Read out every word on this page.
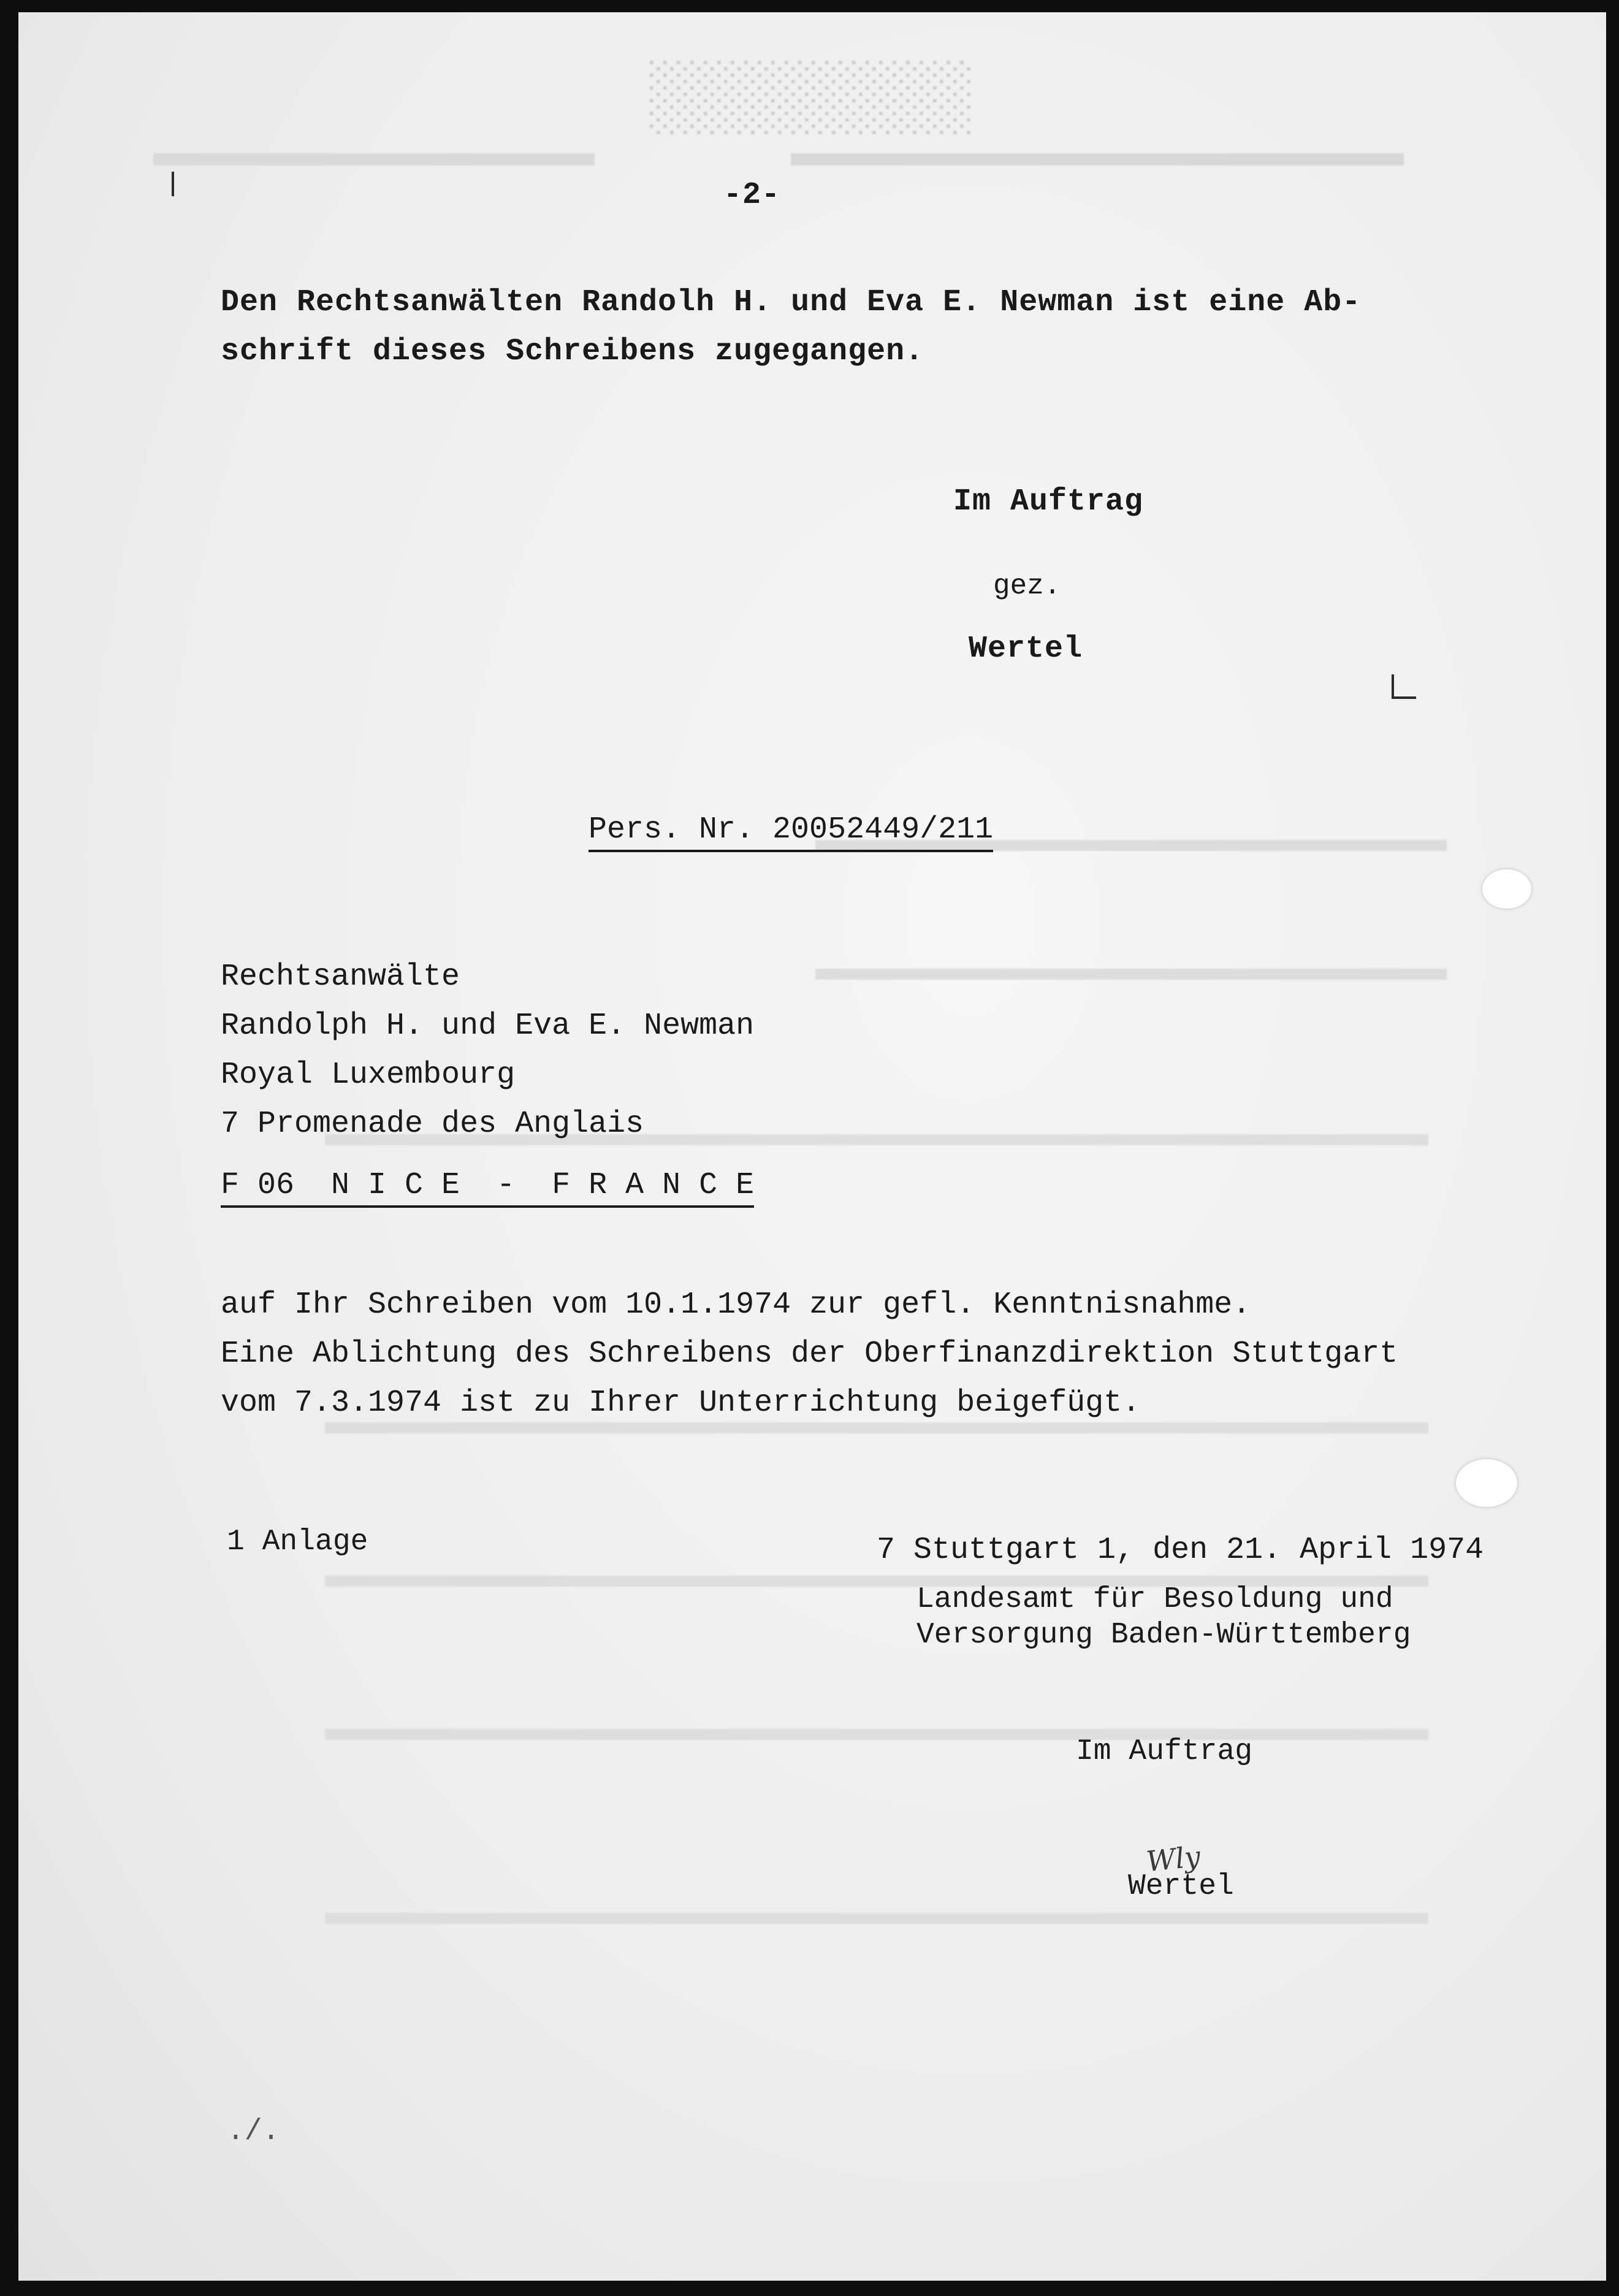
░░░░░░░░
-2-
Den Rechtsanwälten Randolh H. und Eva E. Newman ist eine Ab-
schrift dieses Schreibens zugegangen.
Im Auftrag
gez.
Wertel
Pers. Nr. 20052449/211
Rechtsanwälte
Randolph H. und Eva E. Newman
Royal Luxembourg
7 Promenade des Anglais
F 06  N I C E  -  F R A N C E
auf Ihr Schreiben vom 10.1.1974 zur gefl. Kenntnisnahme.
Eine Ablichtung des Schreibens der Oberfinanzdirektion Stuttgart
vom 7.3.1974 ist zu Ihrer Unterrichtung beigefügt.
1 Anlage	7 Stuttgart 1, den 21. April 1974
Landesamt für Besoldung und
Versorgung Baden-Württemberg
Im Auftrag
Wly
Wertel
./.
